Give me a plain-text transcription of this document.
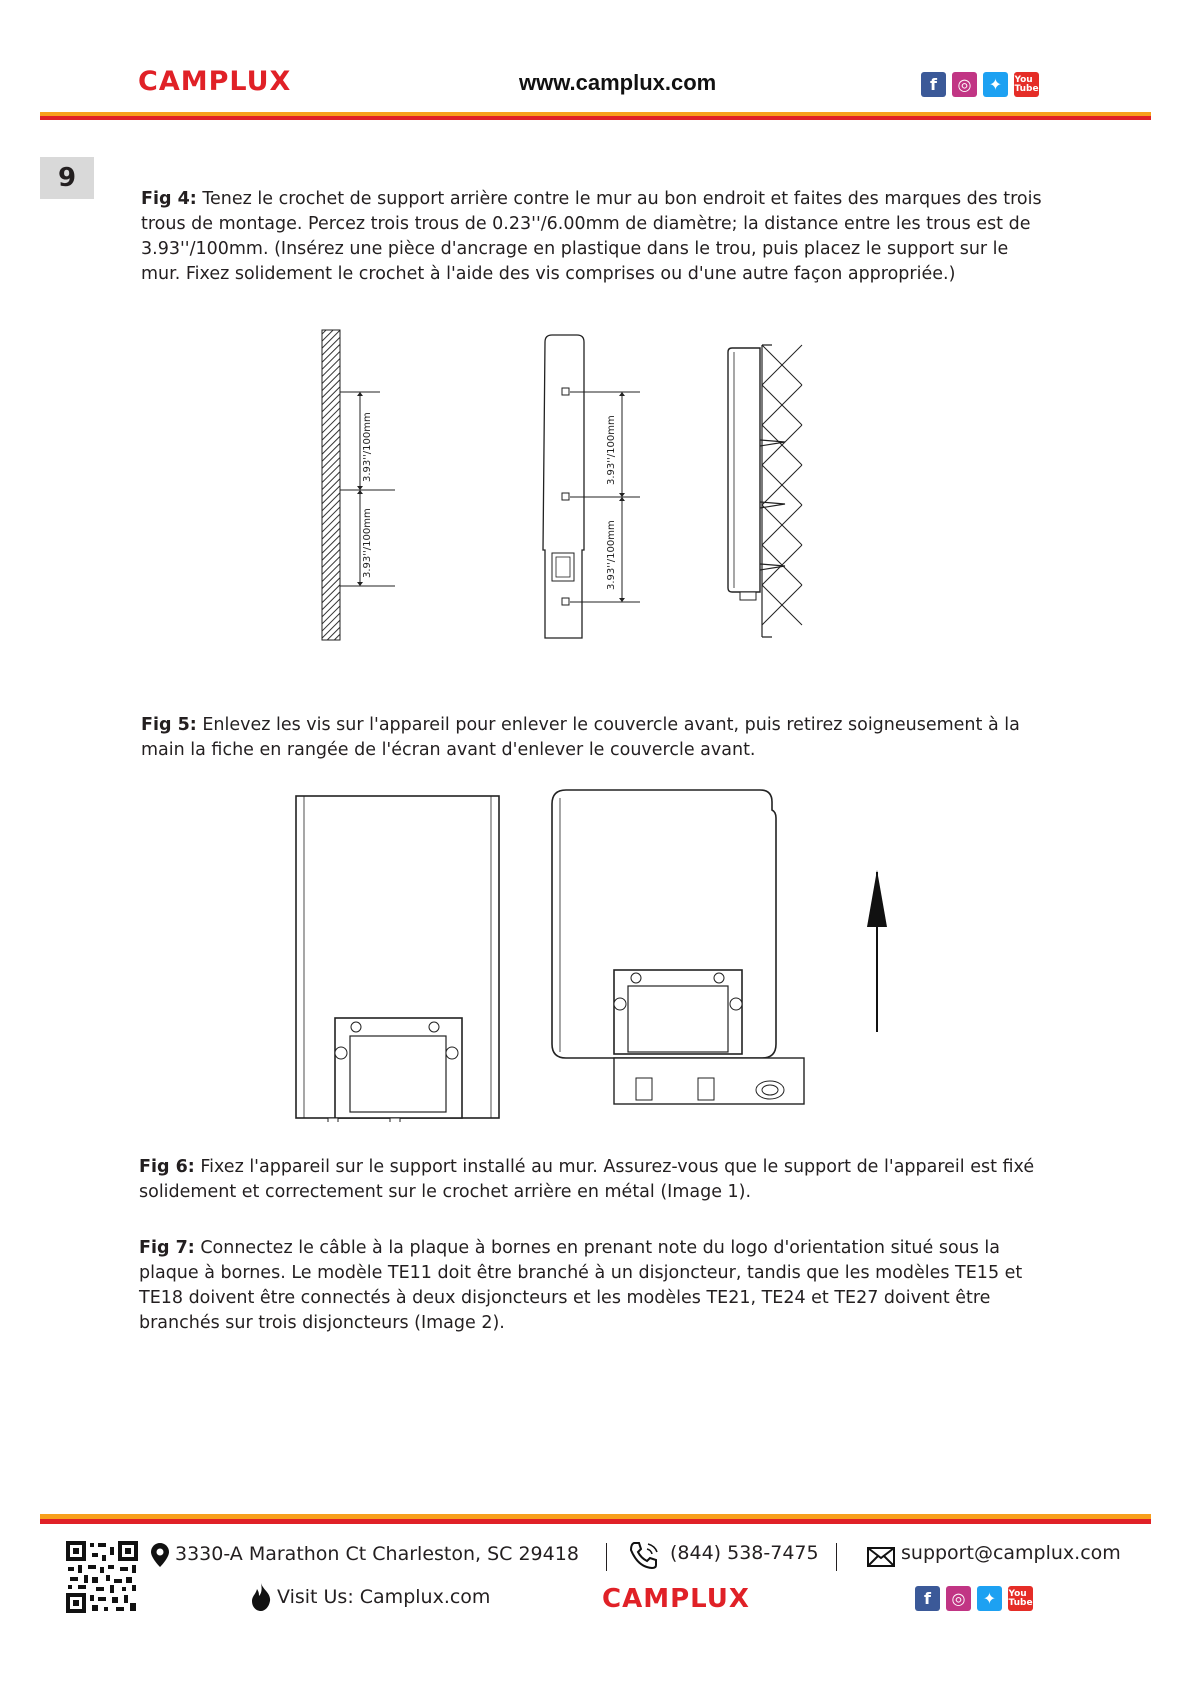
CAMPLUX	www.camplux.com	f	◎	✦	You
Tube
9
Fig 4: Tenez le crochet de support arrière contre le mur au bon endroit et faites des marques des trois trous de montage. Percez trois trous de 0.23''/6.00mm de diamètre; la distance entre les trous est de 3.93''/100mm. (Insérez une pièce d'ancrage en plastique dans le trou, puis placez le support sur le mur. Fixez solidement le crochet à l'aide des vis comprises ou d'une autre façon appropriée.)
3.93''/100mm
3.93''/100mm
3.93''/100mm
3.93''/100mm
Fig 5: Enlevez les vis sur l'appareil pour enlever le couvercle avant, puis retirez soigneusement à la main la fiche en rangée de l'écran avant d'enlever le couvercle avant.
Fig 6: Fixez l'appareil sur le support installé au mur. Assurez-vous que le support de l'appareil est fixé solidement et correctement sur le crochet arrière en métal (Image 1).
Fig 7: Connectez le câble à la plaque à bornes en prenant note du logo d'orientation situé sous la plaque à bornes. Le modèle TE11 doit être branché à un disjoncteur, tandis que les modèles TE15 et TE18 doivent être connectés à deux disjoncteurs et les modèles TE21, TE24 et TE27 doivent être branchés sur trois disjoncteurs (Image 2).
3330-A Marathon Ct Charleston, SC 29418	(844) 538-7475	support@camplux.com
Visit Us: Camplux.com	CAMPLUX	f	◎	✦	You
Tube
